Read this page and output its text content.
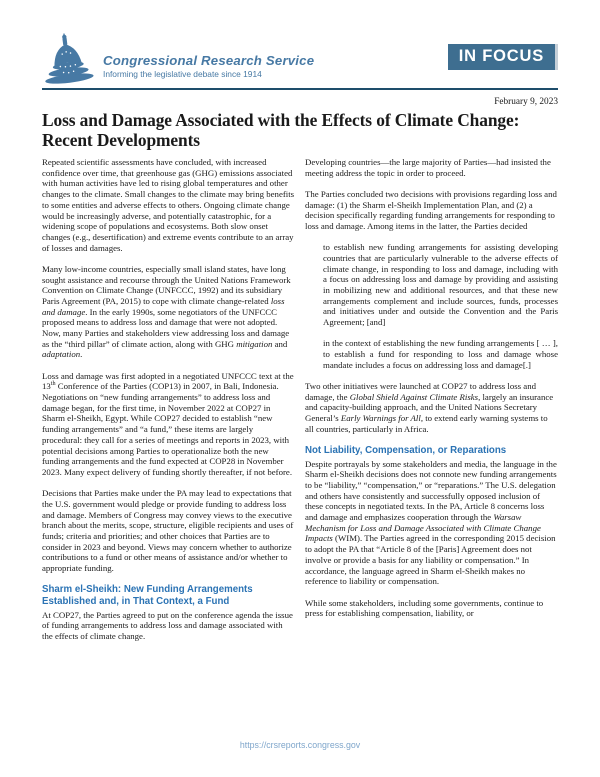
Congressional Research Service
Informing the legislative debate since 1914
IN FOCUS
February 9, 2023
Loss and Damage Associated with the Effects of Climate Change: Recent Developments

Repeated scientific assessments have concluded, with increased confidence over time, that greenhouse gas (GHG) emissions associated with human activities have led to rising global temperatures and other changes to the climate. Small changes to the climate may bring benefits to some entities and adverse effects to others. Ongoing climate change would be increasingly adverse, and potentially catastrophic, for a widening scope of populations and ecosystems. Both slow onset changes (e.g., desertification) and extreme events contribute to an array of losses and damages.

Many low-income countries, especially small island states, have long sought assistance and recourse through the United Nations Framework Convention on Climate Change (UNFCCC, 1992) and its subsidiary Paris Agreement (PA, 2015) to cope with climate change-related loss and damage. In the early 1990s, some negotiators of the UNFCCC proposed means to address loss and damage that were not adopted. Now, many Parties and stakeholders view addressing loss and damage as the “third pillar” of climate action, along with GHG mitigation and adaptation.

Loss and damage was first adopted in a negotiated UNFCCC text at the 13th Conference of the Parties (COP13) in 2007, in Bali, Indonesia. Negotiations on “new funding arrangements” to address loss and damage began, for the first time, in November 2022 at COP27 in Sharm el-Sheikh, Egypt. While COP27 decided to establish “new funding arrangements” and “a fund,” these items are largely procedural: they call for a series of meetings and reports in 2023, with potential decisions among Parties to operationalize both the new funding arrangements and the fund expected at COP28 in November 2023. Many expect delivery of funding shortly thereafter, if not before.

Decisions that Parties make under the PA may lead to expectations that the U.S. government would pledge or provide funding to address loss and damage. Members of Congress may convey views to the executive branch about the merits, scope, structure, eligible recipients and uses of funds; criteria and priorities; and other choices that Parties are to consider in 2023 and beyond. Views may concern whether to authorize contributions to a fund or other means of assistance and/or whether to appropriate funding.

Sharm el-Sheikh: New Funding Arrangements Established and, in That Context, a Fund

At COP27, the Parties agreed to put on the conference agenda the issue of funding arrangements to address loss and damage associated with the effects of climate change.

Developing countries—the large majority of Parties—had insisted the meeting address the topic in order to proceed.

The Parties concluded two decisions with provisions regarding loss and damage: (1) the Sharm el-Sheikh Implementation Plan, and (2) a decision specifically regarding funding arrangements for responding to loss and damage. Among items in the latter, the Parties decided

to establish new funding arrangements for assisting developing countries that are particularly vulnerable to the adverse effects of climate change, in responding to loss and damage, including with a focus on addressing loss and damage by providing and assisting in mobilizing new and additional resources, and that these new arrangements complement and include sources, funds, processes and initiatives under and outside the Convention and the Paris Agreement; [and]
in the context of establishing the new funding arrangements [ … ], to establish a fund for responding to loss and damage whose mandate includes a focus on addressing loss and damage[.]

Two other initiatives were launched at COP27 to address loss and damage, the Global Shield Against Climate Risks, largely an insurance and capacity-building approach, and the United Nations Secretary General’s Early Warnings for All, to extend early warning systems to all countries, particularly in Africa.

Not Liability, Compensation, or Reparations

Despite portrayals by some stakeholders and media, the language in the Sharm el-Sheikh decisions does not connote new funding arrangements to be “liability,” “compensation,” or “reparations.” The U.S. delegation and others have consistently and successfully opposed inclusion of these concepts in negotiated texts. In the PA, Article 8 concerns loss and damage and emphasizes cooperation through the Warsaw Mechanism for Loss and Damage Associated with Climate Change Impacts (WIM). The Parties agreed in the corresponding 2015 decision to adopt the PA that “Article 8 of the [Paris] Agreement does not involve or provide a basis for any liability or compensation.” In accordance, the language agreed in Sharm el-Sheikh makes no reference to liability or compensation.

While some stakeholders, including some governments, continue to press for establishing compensation, liability, or

https://crsreports.congress.gov
